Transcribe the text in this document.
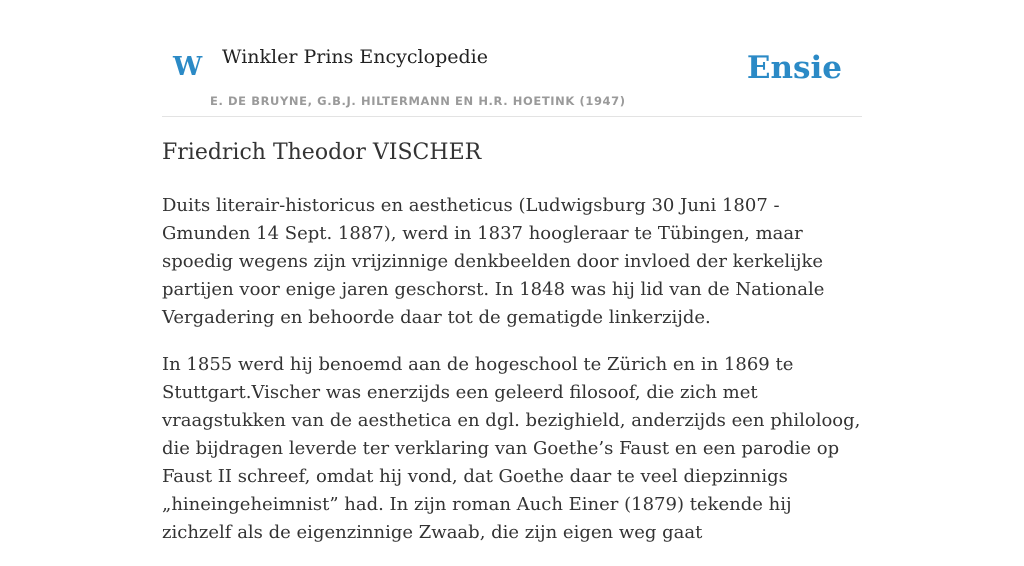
W Winkler Prins Encyclopedie
E. DE BRUYNE, G.B.J. HILTERMANN EN H.R. HOETINK (1947)
Ensie
Friedrich Theodor VISCHER

Duits literair-historicus en aestheticus (Ludwigsburg 30 Juni 1807 -Gmunden 14 Sept. 1887), werd in 1837 hoogleraar te Tübingen, maar spoedig wegens zijn vrijzinnige denkbeelden door invloed der kerkelijke partijen voor enige jaren geschorst. In 1848 was hij lid van de Nationale Vergadering en behoorde daar tot de gematigde linkerzijde.

In 1855 werd hij benoemd aan de hogeschool te Zürich en in 1869 te Stuttgart.Vischer was enerzijds een geleerd filosoof, die zich met vraagstukken van de aesthetica en dgl. bezighield, anderzijds een philoloog, die bijdragen leverde ter verklaring van Goethe’s Faust en een parodie op Faust II schreef, omdat hij vond, dat Goethe daar te veel diepzinnigs „hineingeheimnist” had. In zijn roman Auch Einer (1879) tekende hij zichzelf als de eigenzinnige Zwaab, die zijn eigen weg gaat
